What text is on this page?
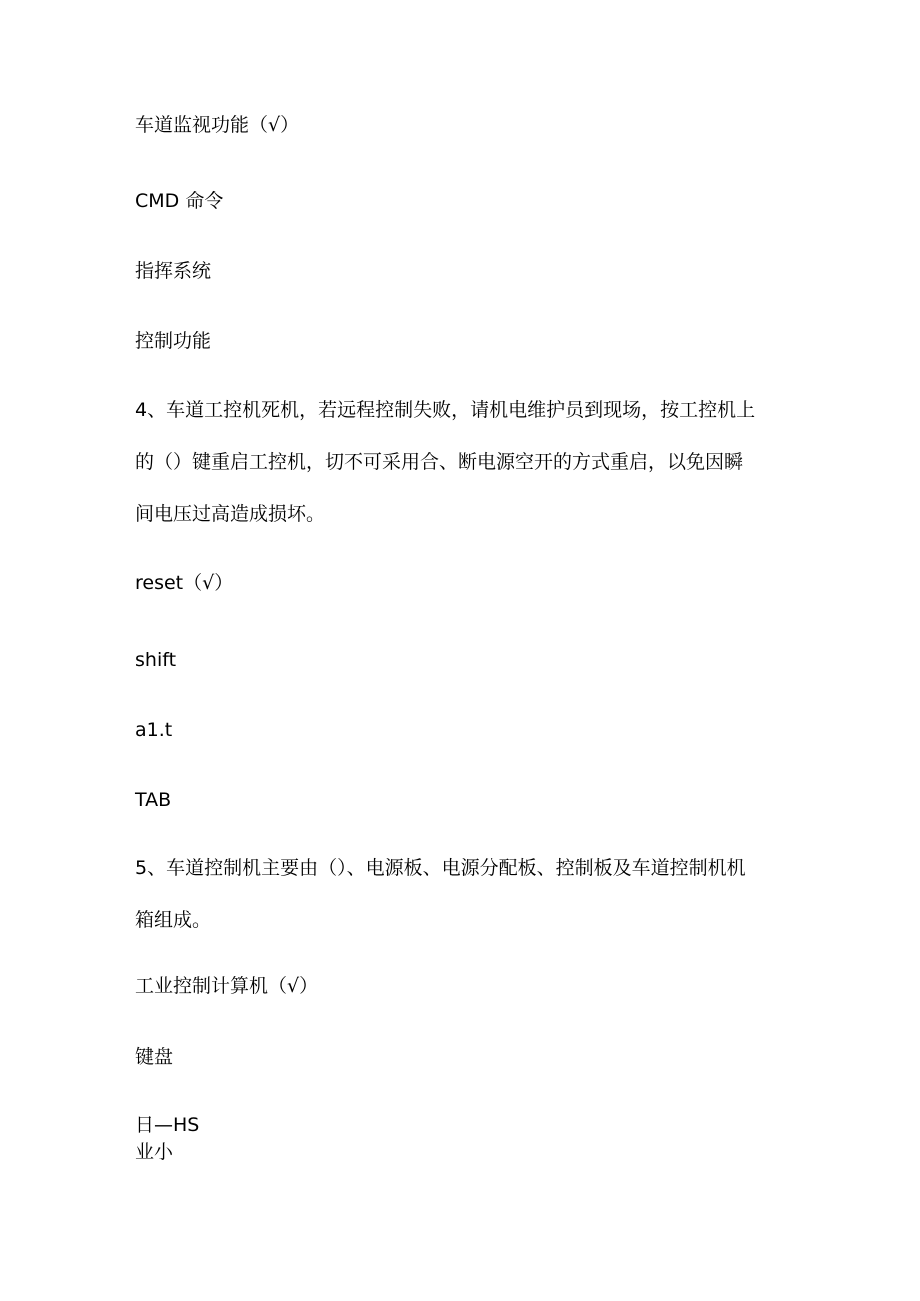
车道监视功能（√）

CMD 命令

指挥系统

控制功能

4、车道工控机死机，若远程控制失败，请机电维护员到现场，按工控机上
的（）键重启工控机，切不可采用合、断电源空开的方式重启，以免因瞬
间电压过高造成损坏。

reset（√）

shift

a1.t

TAB

5、车道控制机主要由（）、电源板、电源分配板、控制板及车道控制机机
箱组成。

工业控制计算机（√）

键盘

日—HS

业小
